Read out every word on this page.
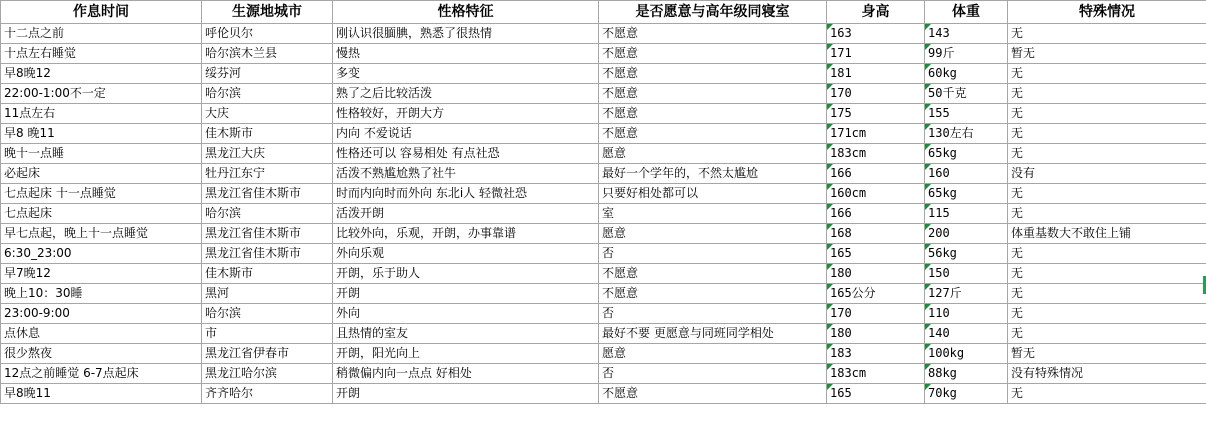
作息时间	生源地城市	性格特征	是否愿意与高年级同寝室	身高	体重	特殊情况
十二点之前	呼伦贝尔	刚认识很腼腆，熟悉了很热情	不愿意	163	143	无
十点左右睡觉	哈尔滨木兰县	慢热	不愿意	171	99斤	暂无
早8晚12	绥芬河	多变	不愿意	181	60kg	无
22:00-1:00不一定	哈尔滨	熟了之后比较活泼	不愿意	170	50千克	无
11点左右	大庆	性格较好，开朗大方	不愿意	175	155	无
早8 晚11	佳木斯市	内向 不爱说话	不愿意	171cm	130左右	无
晚十一点睡	黑龙江大庆	性格还可以 容易相处 有点社恐	愿意	183cm	65kg	无
必起床	牡丹江东宁	活泼不熟尴尬熟了社牛	最好一个学年的，不然太尴尬	166	160	没有
七点起床 十一点睡觉	黑龙江省佳木斯市	时而内向时而外向 东北i人 轻微社恐	只要好相处都可以	160cm	65kg	无
七点起床	哈尔滨	活泼开朗	室	166	115	无
早七点起，晚上十一点睡觉	黑龙江省佳木斯市	比较外向，乐观，开朗，办事靠谱	愿意	168	200	体重基数大不敢住上铺
6:30_23:00	黑龙江省佳木斯市	外向乐观	否	165	56kg	无
早7晚12	佳木斯市	开朗，乐于助人	不愿意	180	150	无
晚上10：30睡	黑河	开朗	不愿意	165公分	127斤	无
23:00-9:00	哈尔滨	外向	否	170	110	无
点休息	市	且热情的室友	最好不要 更愿意与同班同学相处	180	140	无
很少熬夜	黑龙江省伊春市	开朗，阳光向上	愿意	183	100kg	暂无
12点之前睡觉 6-7点起床	黑龙江哈尔滨	稍微偏内向一点点 好相处	否	183cm	88kg	没有特殊情况
早8晚11	齐齐哈尔	开朗	不愿意	165	70kg	无
